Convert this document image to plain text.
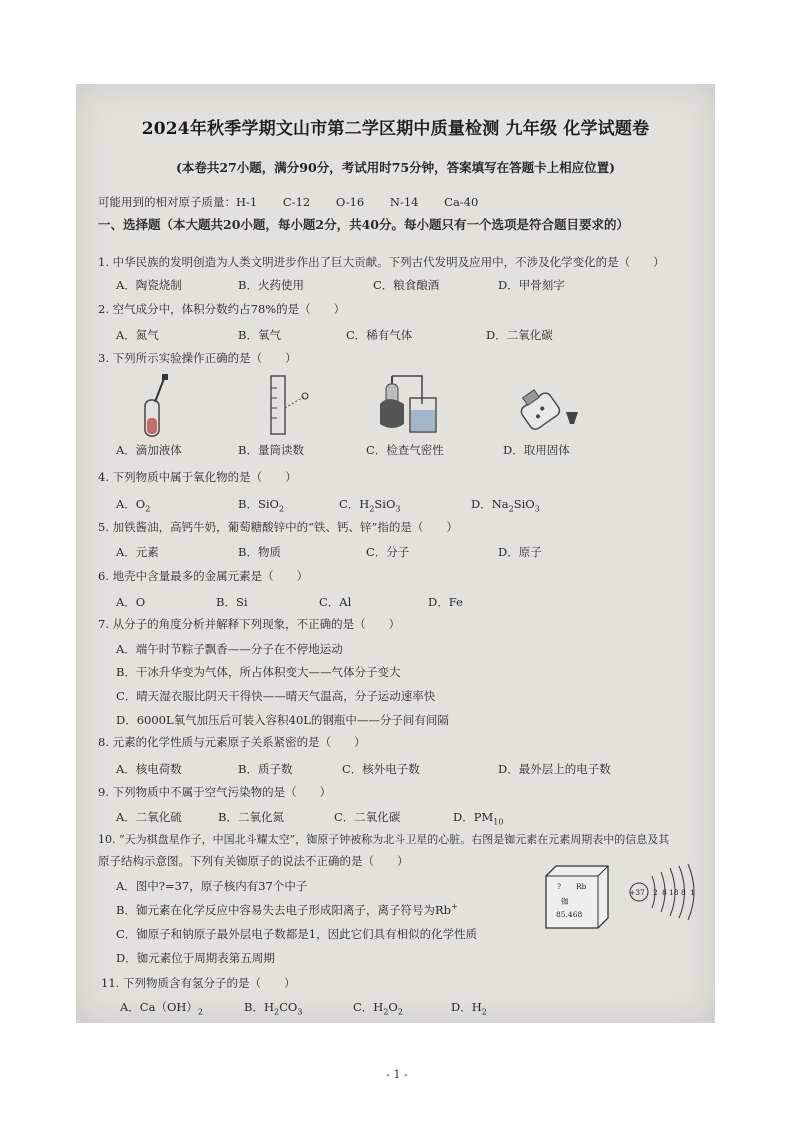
2024年秋季学期文山市第二学区期中质量检测 九年级 化学试题卷
(本卷共27小题，满分90分，考试用时75分钟，答案填写在答题卡上相应位置)
可能用到的相对原子质量：H-1 C-12 O-16 N-14 Ca-40
一、选择题（本大题共20小题，每小题2分，共40分。每小题只有一个选项是符合题目要求的）
1. 中华民族的发明创造为人类文明进步作出了巨大贡献。下列古代发明及应用中，不涉及化学变化的是（　　）
A．陶瓷烧制	B．火药使用	C．粮食酿酒	D．甲骨刻字
2. 空气成分中，体积分数约占78%的是（　　）
A．氮气	B．氧气	C．稀有气体	D．二氧化碳
3. 下列所示实验操作正确的是（　　）
A．滴加液体	B．量筒读数	C．检查气密性	D．取用固体
4. 下列物质中属于氧化物的是（　　）
A．$O_2$	B．SiO$_2$	C．$H_2SiO_3$	D．$Na_2SiO_3$
5. 加铁酱油，高钙牛奶，葡萄糖酸锌中的“铁、钙、锌”指的是（　　）
A．元素	B．物质	C．分子	D．原子
6. 地壳中含量最多的金属元素是（　　）
A．O	B．Si	C．Al	D．Fe
7. 从分子的角度分析并解释下列现象，不正确的是（　　）
A．端午时节粽子飘香——分子在不停地运动
B．干冰升华变为气体，所占体积变大——气体分子变大
C．晴天湿衣服比阴天干得快——晴天气温高，分子运动速率快
D．6000L氧气加压后可装入容积40L的钢瓶中——分子间有间隔
8. 元素的化学性质与元素原子关系紧密的是（　　）
A．核电荷数	B．质子数	C．核外电子数	D．最外层上的电子数
9. 下列物质中不属于空气污染物的是（　　）
A．二氧化硫	B．二氧化氮	C．二氧化碳	D．$PM_{10}$
10. “天为棋盘星作子，中国北斗耀太空”，铷原子钟被称为北斗卫星的心脏。右图是铷元素在元素周期表中的信息及其
原子结构示意图。下列有关铷原子的说法不正确的是（　　）
A．图中?=37，原子核内有37个中子
B．铷元素在化学反应中容易失去电子形成阳离子，离子符号为Rb+
C．铷原子和钠原子最外层电子数都是1，因此它们具有相似的化学性质
D．铷元素位于周期表第五周期
? Rb
铷
85.468
+37 2 8 18 8 1
11. 下列物质含有氢分子的是（　　）
A．$Ca(OH)_2$	B．$H_2CO_3$	C．$H_2O_2$	D．$H_2$
- 1 -
